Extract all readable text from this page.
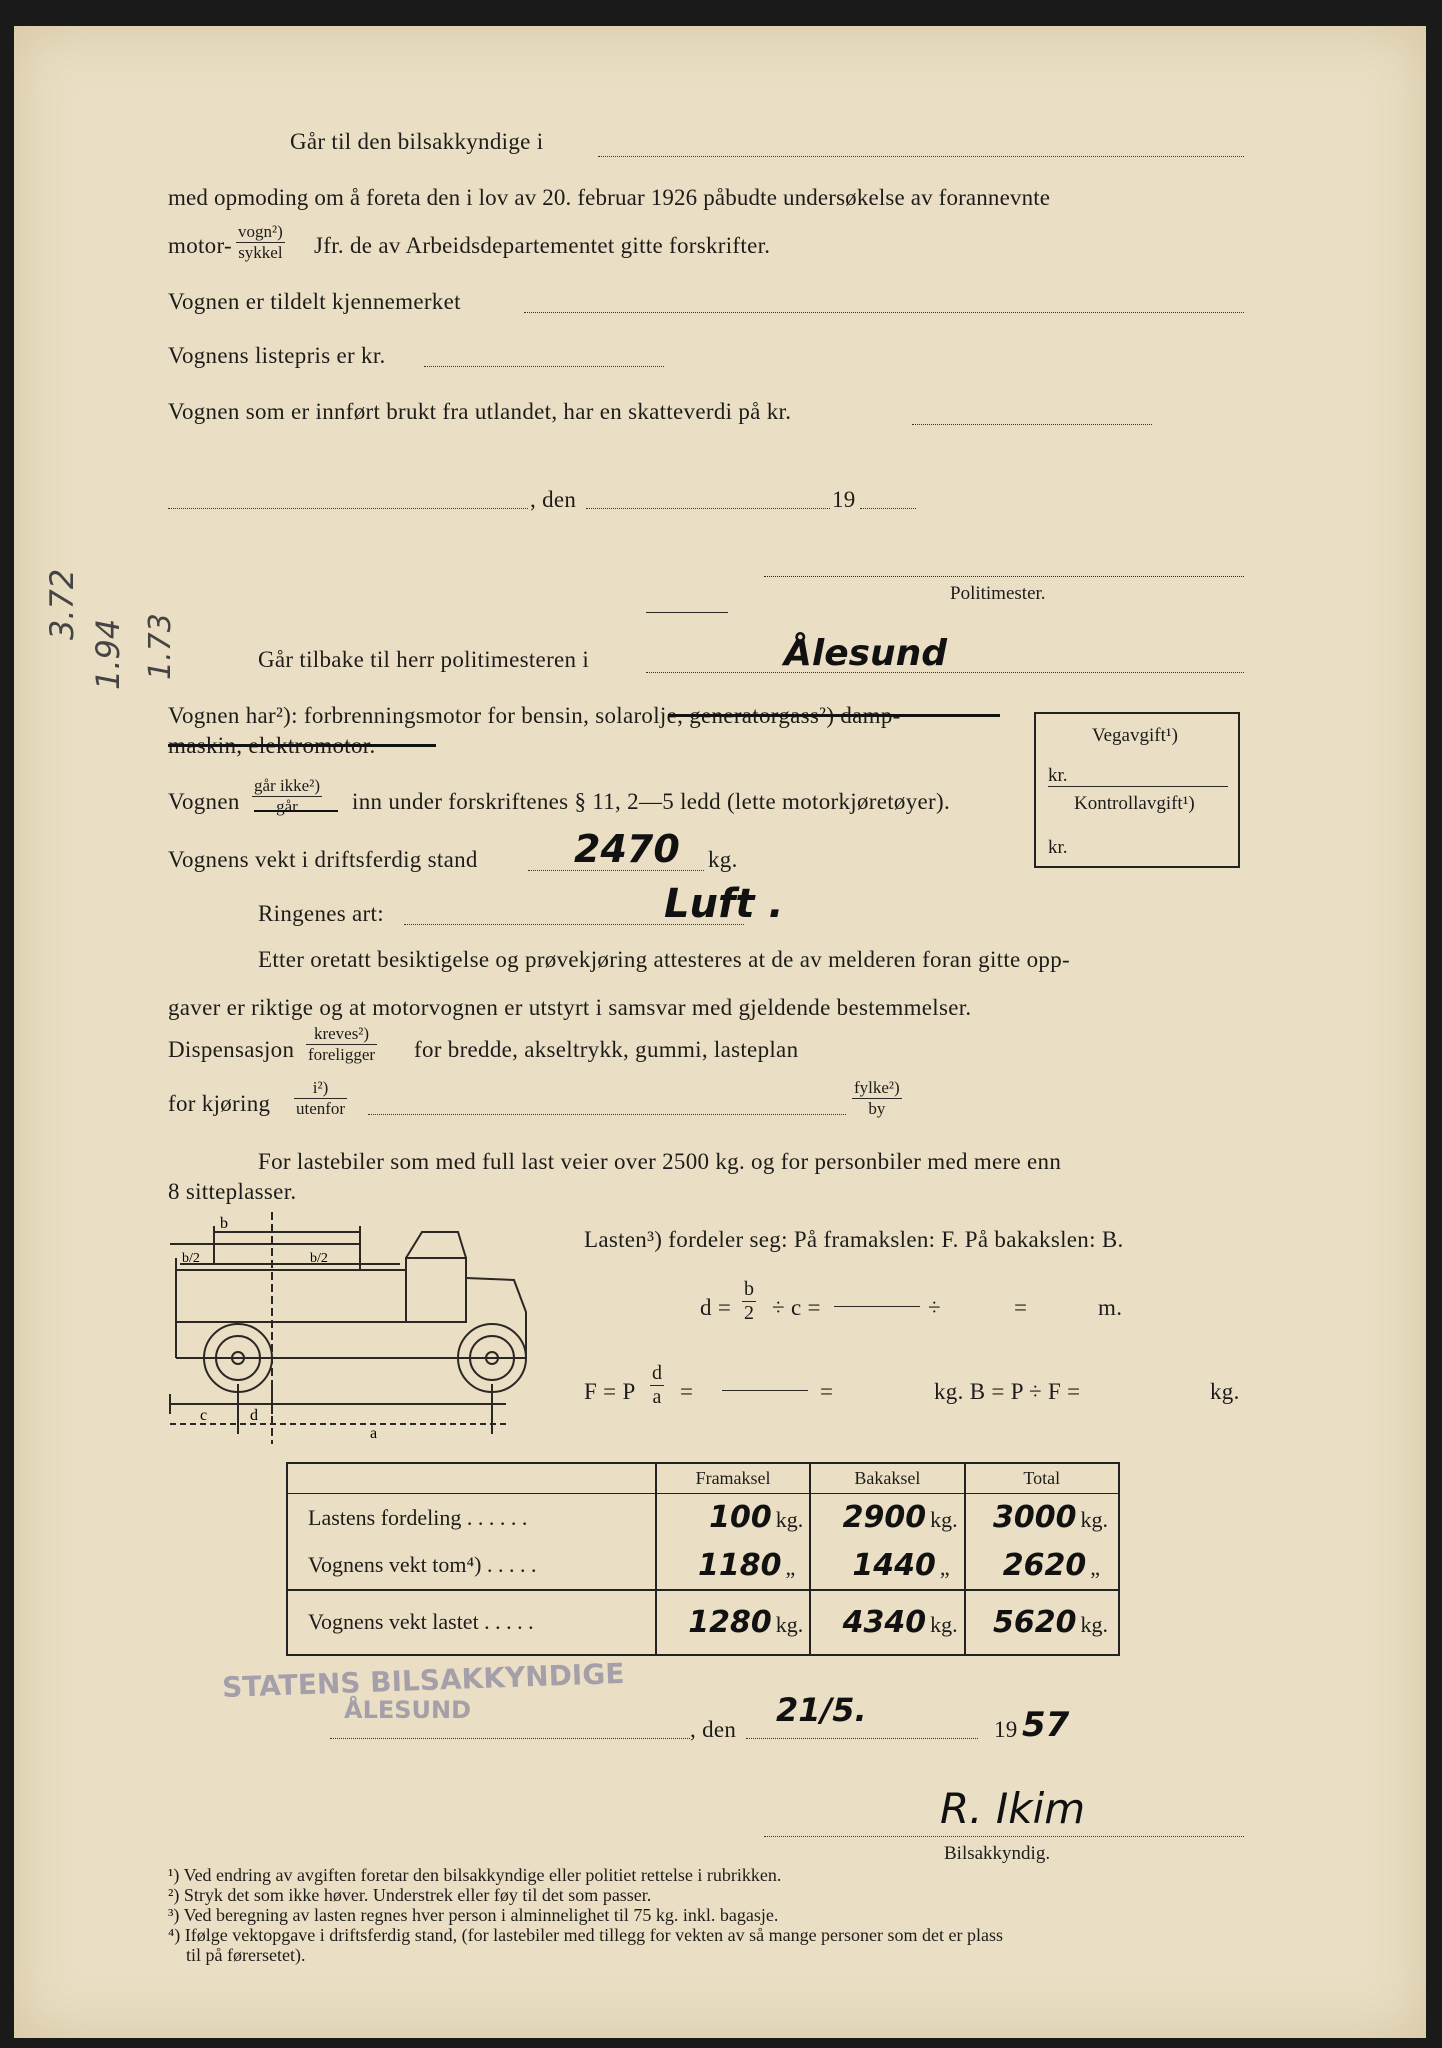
Går til den bilsakkyndige i
med opmoding om å foreta den i lov av 20. februar 1926 påbudte undersøkelse av forannevnte
motor-
vogn²)
sykkel Jfr. de av Arbeidsdepartementet gitte forskrifter.
Vognen er tildelt kjennemerket
Vognens listepris er kr.
Vognen som er innført brukt fra utlandet, har en skatteverdi på kr.
, den	19
Politimester.
3.72
1.94 1.73	Går tilbake til herr politimesteren i	Ålesund
Vognen har²): forbrenningsmotor for bensin, solarolje, generatorgass²) damp-
maskin, elektromotor.
Vognen
går ikke²)
går	inn under forskriftenes § 11, 2—5 ledd (lette motorkjøretøyer).
Vognens vekt i driftsferdig stand	2470 kg.
Ringenes art:	Luft .
Vegavgift¹)
kr.
Kontrollavgift¹)
kr.
Etter oretatt besiktigelse og prøvekjøring attesteres at de av melderen foran gitte opp-
gaver er riktige og at motorvognen er utstyrt i samsvar med gjeldende bestemmelser.
Dispensasjon
kreves²)
foreligger for bredde, akseltrykk, gummi, lasteplan
for kjøring
i²)
utenfor
fylke²)
by
For lastebiler som med full last veier over 2500 kg. og for personbiler med mere enn
8 sitteplasser.
b
b/2	b/2
c	d
a
Lasten³) fordeler seg: På framakslen: F. På bakakslen: B.
$d = \frac{b}{2} \div c$ =	÷	=	m.
F = P $\frac{d}{a}$ =	=	kg. B = P ÷ F =	kg.
	Framaksel	Bakaksel	Total
Lastens fordeling . . . . . .	100 kg.	2900 kg.	3000 kg.
Vognens vekt tom⁴) . . . . .	1180 „	1440 „	2620 „
Vognens vekt lastet . . . . .	1280 kg.	4340 kg.	5620 kg.
STATENS BILSAKKYNDIGE
ÅLESUND
, den
21/5.
19 57
R. Ikim
Bilsakkyndig.
¹) Ved endring av avgiften foretar den bilsakkyndige eller politiet rettelse i rubrikken.
²) Stryk det som ikke høver. Understrek eller føy til det som passer.
³) Ved beregning av lasten regnes hver person i alminnelighet til 75 kg. inkl. bagasje.
⁴) Ifølge vektopgave i driftsferdig stand, (for lastebiler med tillegg for vekten av så mange personer som det er plass
til på førersetet).
